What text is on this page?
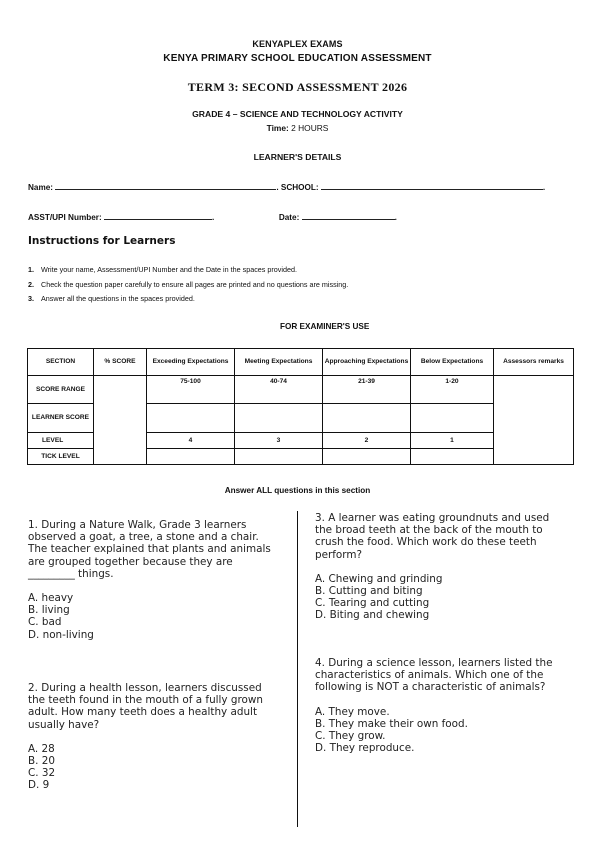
KENYAPLEX EXAMS
KENYA PRIMARY SCHOOL EDUCATION ASSESSMENT
TERM 3: SECOND ASSESSMENT 2026
GRADE 4 – SCIENCE AND TECHNOLOGY ACTIVITY
Time: 2 HOURS
LEARNER'S DETAILS
Name:	. SCHOOL:	.
ASST/UPI Number:	.	Date:	.
Instructions for Learners
1. Write your name, Assessment/UPI Number and the Date in the spaces provided.
2. Check the question paper carefully to ensure all pages are printed and no questions are missing.
3. Answer all the questions in the spaces provided.
FOR EXAMINER'S USE
SECTION	% SCORE	Exceeding Expectations	Meeting Expectations	Approaching Expectations	Below Expectations	Assessors remarks
SCORE RANGE		75-100	40-74	21-39	1-20	
LEARNER SCORE						
LEVEL		4	3	2	1	
TICK LEVEL						
Answer ALL questions in this section

1. During a Nature Walk, Grade 3 learners observed a goat, a tree, a stone and a chair. The teacher explained that plants and animals are grouped together because they are _________ things.

A. heavy

B. living

C. bad

D. non-living

2. During a health lesson, learners discussed the teeth found in the mouth of a fully grown adult. How many teeth does a healthy adult usually have?

A. 28

B. 20

C. 32

D. 9

3. A learner was eating groundnuts and used the broad teeth at the back of the mouth to crush the food. Which work do these teeth perform?

A. Chewing and grinding

B. Cutting and biting

C. Tearing and cutting

D. Biting and chewing

4. During a science lesson, learners listed the characteristics of animals. Which one of the following is NOT a characteristic of animals?

A. They move.

B. They make their own food.

C. They grow.

D. They reproduce.
